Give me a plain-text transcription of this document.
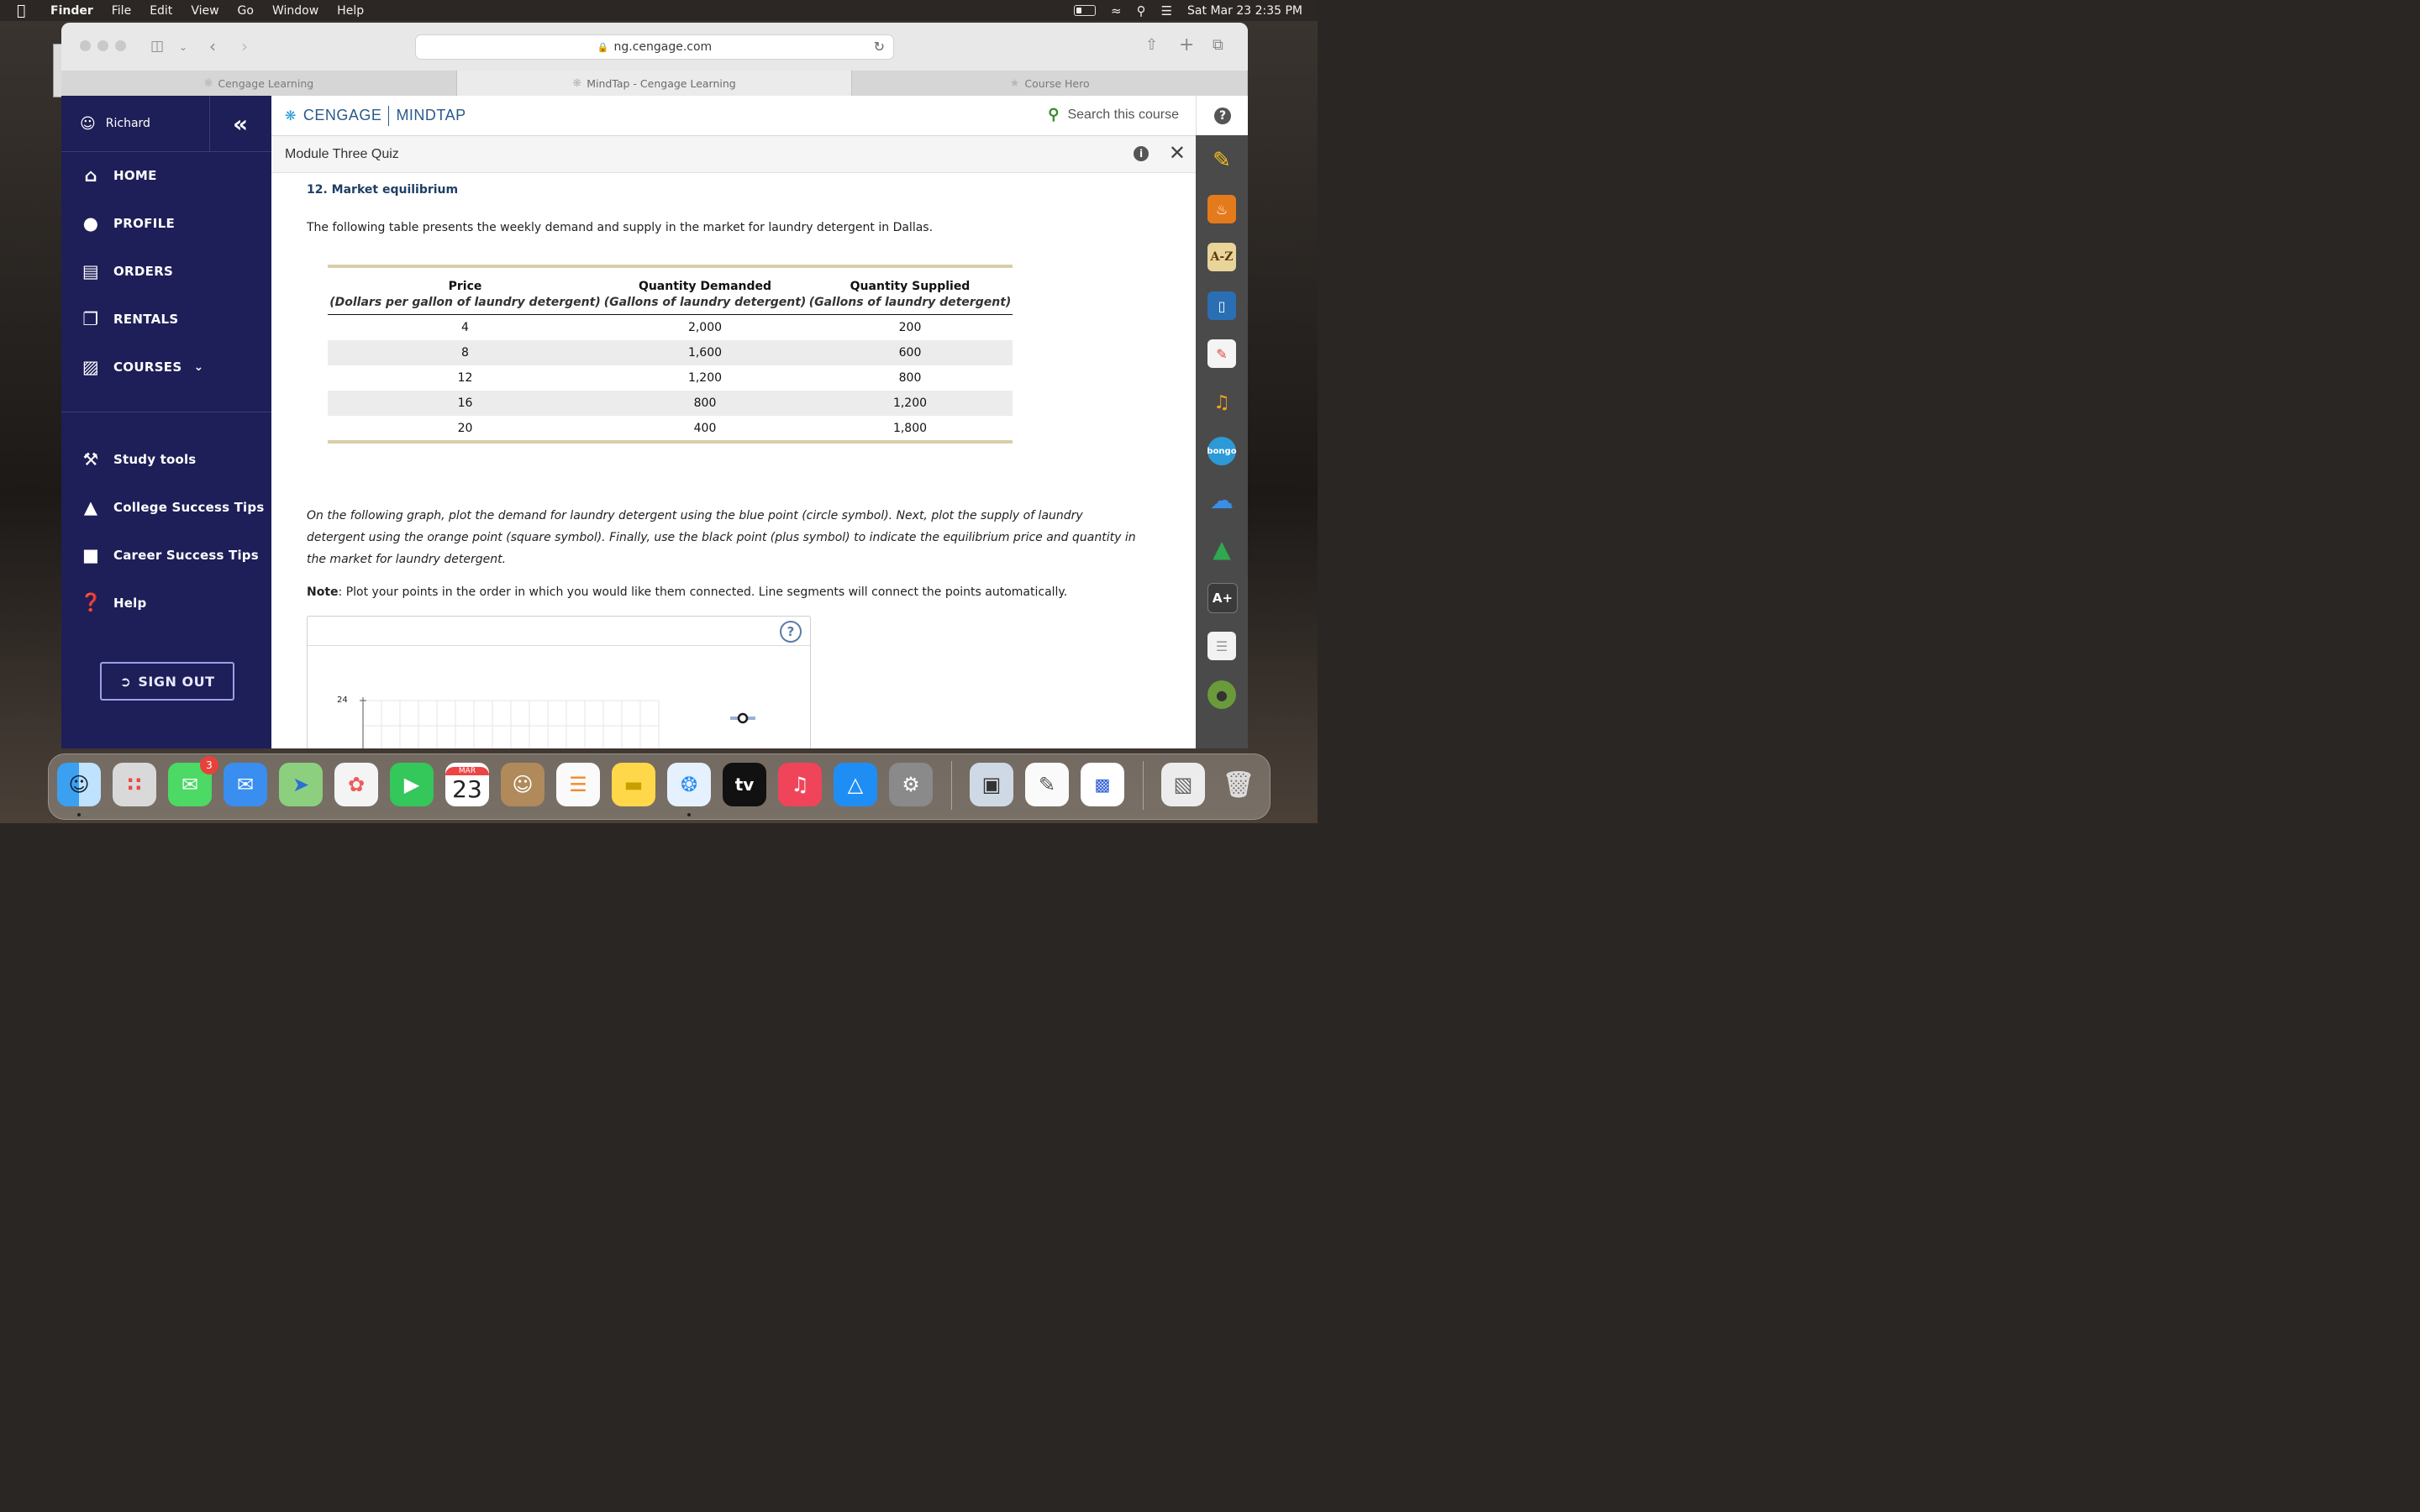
Finder File Edit View Go Window Help	≈ ⚲ ☰ Sat Mar 23 2:35 PM
◫ ⌄ ‹ ›	🔒 ng.cengage.com	↻	⇧ + ⧉
❋ Cengage Learning	❋ MindTap - Cengage Learning	★ Course Hero
☺ Richard	«
⌂	HOME
● PROFILE
▤ ORDERS
❐ RENTALS
▨ COURSES ⌄
⚒ Study tools
▲	College Success Tips
■ Career Success Tips
❓ Help
➲ SIGN OUT
❋ CENGAGE MINDTAP	⚲ Search this course
Module Three Quiz	i ✕
12. Market equilibrium
The following table presents the weekly demand and supply in the market for laundry detergent in Dallas.
Price	Quantity Demanded	Quantity Supplied
(Dollars per gallon of laundry detergent)	(Gallons of laundry detergent)	(Gallons of laundry detergent)
4	2,000	200
8	1,600	600
12	1,200	800
16	800	1,200
20	400	1,800
On the following graph, plot the demand for laundry detergent using the blue point (circle symbol). Next, plot the supply of laundry detergent using the orange point (square symbol). Finally, use the black point (plus symbol) to indicate the equilibrium price and quantity in the market for laundry detergent.
Note: Plot your points in the order in which you would like them connected. Line segments will connect the points automatically.
?
24
?
✎
♨
A-Z
▯
✎
♫
bongo
☁
▲
A+
☰
●
☺	∷	✉
3
✉	➤	✿	▶
MAR
23	☺	☰	▬	❂	tv	♫	△	⚙	▣	✎	▩	▧	🗑
